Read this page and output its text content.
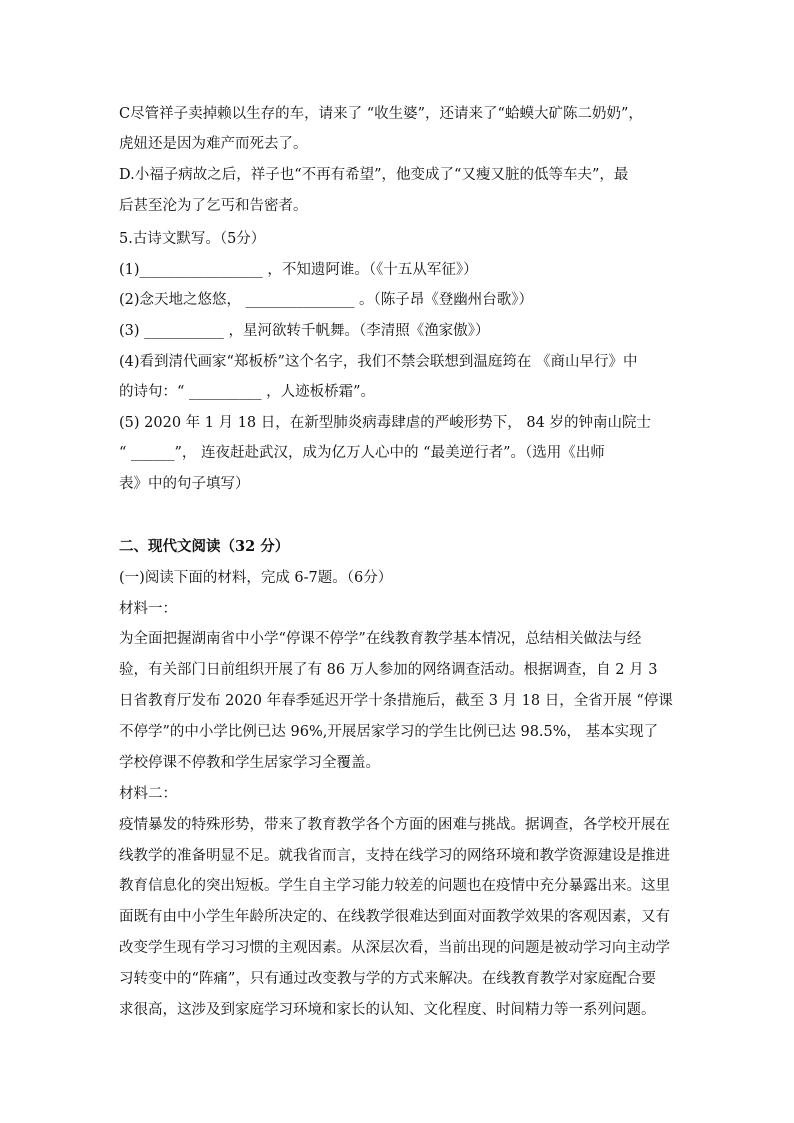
C尽管祥子卖掉赖以生存的车，请来了 “收生婆”，还请来了“蛤蟆大矿陈二奶奶”，
虎妞还是因为难产而死去了。
D.小福子病故之后，祥子也“不再有希望”，他变成了“又瘦又脏的低等车夫”，最
后甚至沦为了乞丐和告密者。
5.古诗文默写。（5分）
(1)_________________ ，不知遗阿谁。（《十五从军征》）
(2)念天地之悠悠， _______________ 。（陈子昂《登幽州台歌》）
(3) ___________ ，星河欲转千帆舞。（李清照《渔家傲》）
(4)看到清代画家“郑板桥”这个名字，我们不禁会联想到温庭筠在 《商山早行》中
的诗句：“ __________ ，人迹板桥霜”。
(5) 2020 年 1 月 18 日，在新型肺炎病毒肆虐的严峻形势下， 84 岁的钟南山院士
“ ______”， 连夜赶赴武汉，成为亿万人心中的 “最美逆行者”。（选用《出师
表》中的句子填写）
二、现代文阅读（32 分）
(一)阅读下面的材料，完成 6-7题。（6分）
材料一：
为全面把握湖南省中小学“停课不停学”在线教育教学基本情况，总结相关做法与经
验，有关部门日前组织开展了有 86 万人参加的网络调查活动。根据调查，自 2 月 3
日省教育厅发布 2020 年春季延迟开学十条措施后，截至 3 月 18 日，全省开展 “停课
不停学”的中小学比例已达 96%,开展居家学习的学生比例已达 98.5%， 基本实现了
学校停课不停教和学生居家学习全覆盖。
材料二：
疫情暴发的特殊形势，带来了教育教学各个方面的困难与挑战。据调查，各学校开展在
线教学的准备明显不足。就我省而言，支持在线学习的网络环境和教学资源建设是推进
教育信息化的突出短板。学生自主学习能力较差的问题也在疫情中充分暴露出来。这里
面既有由中小学生年龄所决定的、在线教学很难达到面对面教学效果的客观因素，又有
改变学生现有学习习惯的主观因素。从深层次看，当前出现的问题是被动学习向主动学
习转变中的“阵痛”，只有通过改变教与学的方式来解决。在线教育教学对家庭配合要
求很高，这涉及到家庭学习环境和家长的认知、文化程度、时间精力等一系列问题。
